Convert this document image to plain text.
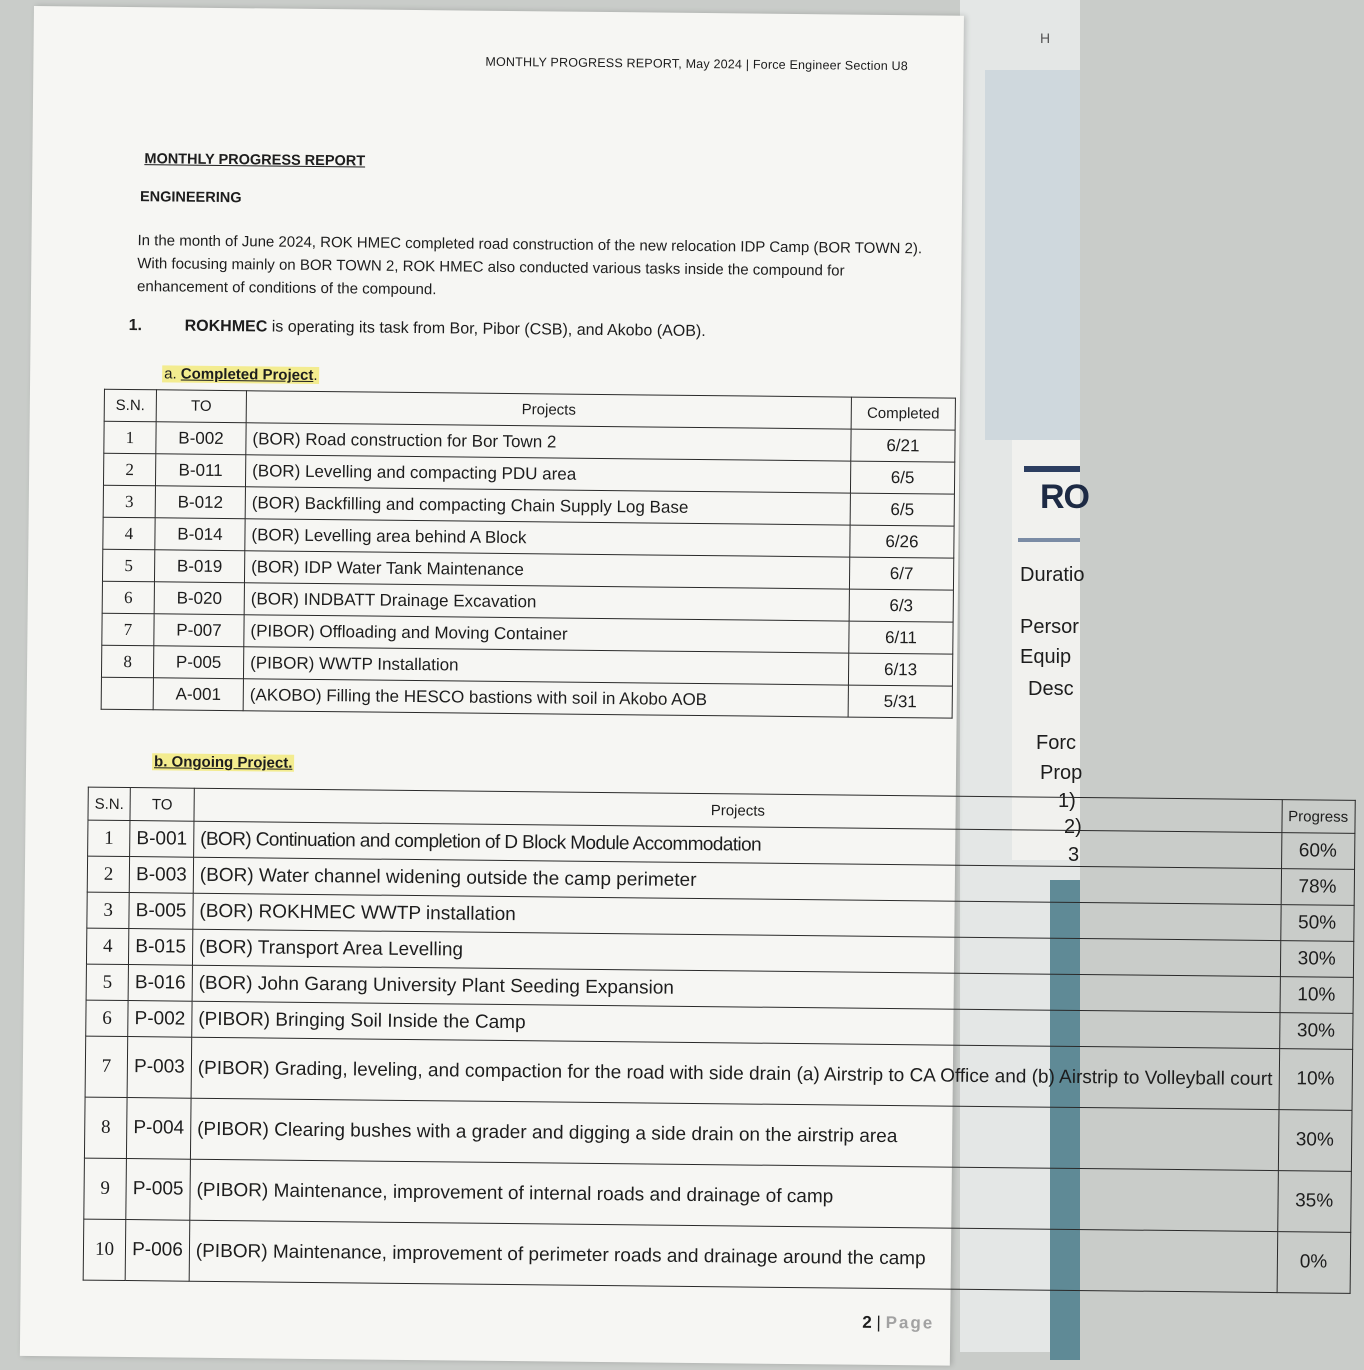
H
RO
Duratio
Persor
Equip
Desc
Forc
Prop
1)
2)
3
MONTHLY PROGRESS REPORT, May 2024 | Force Engineer Section U8
MONTHLY PROGRESS REPORT
ENGINEERING
In the month of June 2024, ROK HMEC completed road construction of the new relocation IDP Camp (BOR TOWN 2). With focusing mainly on BOR TOWN 2, ROK HMEC also conducted various tasks inside the compound for enhancement of conditions of the compound.
1.	ROKHMEC is operating its task from Bor, Pibor (CSB), and Akobo (AOB).
a. Completed Project.
S.N.	TO	Projects	Completed
1	B-002	(BOR) Road construction for Bor Town 2	6/21
2	B-011	(BOR) Levelling and compacting PDU area	6/5
3	B-012	(BOR) Backfilling and compacting Chain Supply Log Base	6/5
4	B-014	(BOR) Levelling area behind A Block	6/26
5	B-019	(BOR) IDP Water Tank Maintenance	6/7
6	B-020	(BOR) INDBATT Drainage Excavation	6/3
7	P-007	(PIBOR) Offloading and Moving Container	6/11
8	P-005	(PIBOR) WWTP Installation	6/13
	A-001	(AKOBO) Filling the HESCO bastions with soil in Akobo AOB	5/31
b. Ongoing Project.
S.N.	TO	Projects	Progress
1	B-001	(BOR) Continuation and completion of D Block Module Accommodation	60%
2	B-003	(BOR) Water channel widening outside the camp perimeter	78%
3	B-005	(BOR) ROKHMEC WWTP installation	50%
4	B-015	(BOR) Transport Area Levelling	30%
5	B-016	(BOR) John Garang University Plant Seeding Expansion	10%
6	P-002	(PIBOR) Bringing Soil Inside the Camp	30%
7	P-003	(PIBOR) Grading, leveling, and compaction for the road with side drain (a) Airstrip to CA Office and (b) Airstrip to Volleyball court	10%
8	P-004	(PIBOR) Clearing bushes with a grader and digging a side drain on the airstrip area	30%
9	P-005	(PIBOR) Maintenance, improvement of internal roads and drainage of camp	35%
10	P-006	(PIBOR) Maintenance, improvement of perimeter roads and drainage around the camp	0%
2 | Page
